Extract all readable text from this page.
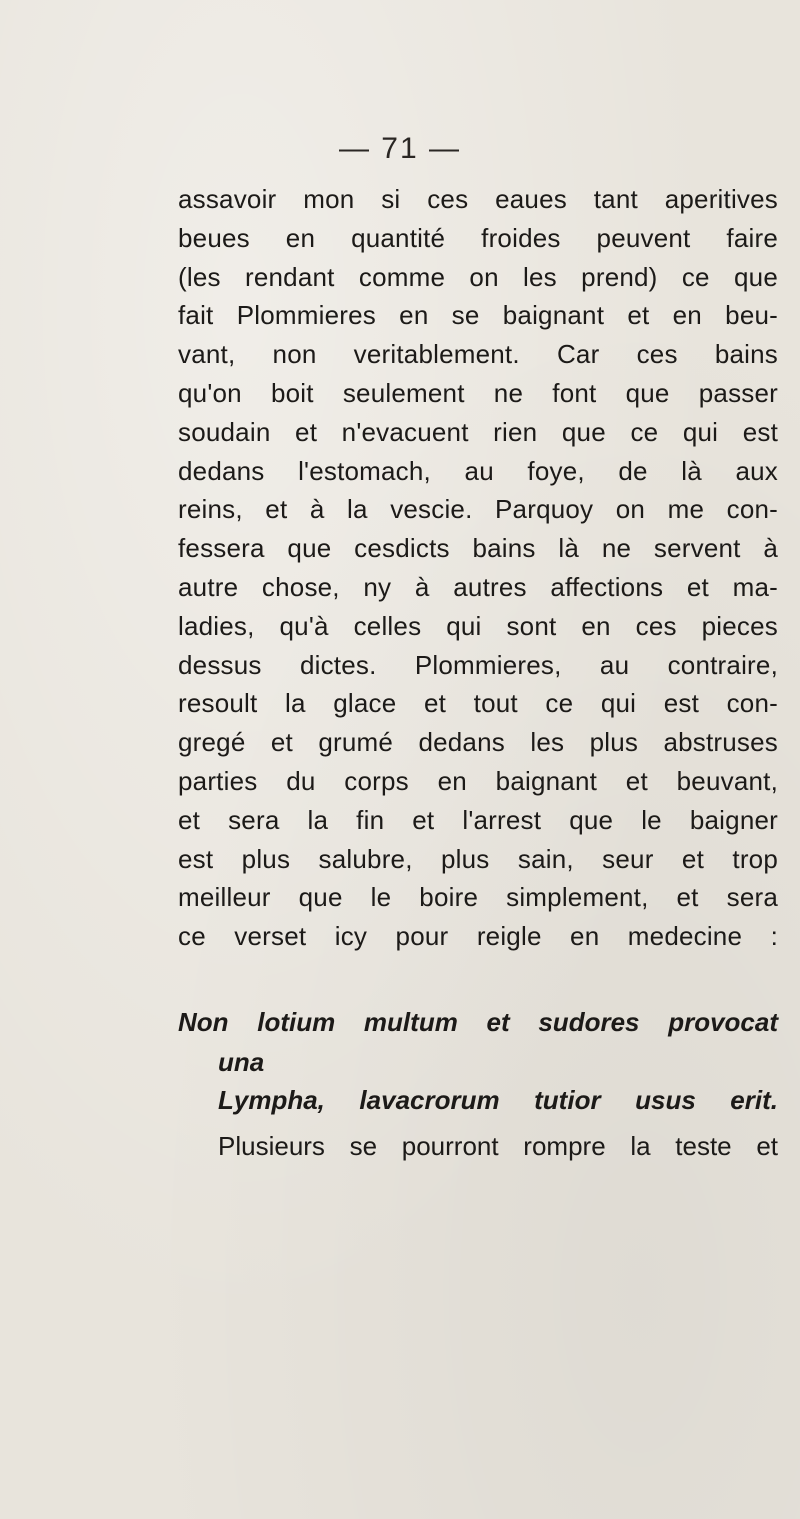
— 71 —
assavoir mon si ces eaues tant aperitives
beues en quantité froides peuvent faire
(les rendant comme on les prend) ce que
fait Plommieres en se baignant et en beu-
vant, non veritablement. Car ces bains
qu'on boit seulement ne font que passer
soudain et n'evacuent rien que ce qui est
dedans l'estomach, au foye, de là aux
reins, et à la vescie. Parquoy on me con-
fessera que cesdicts bains là ne servent à
autre chose, ny à autres affections et ma-
ladies, qu'à celles qui sont en ces pieces
dessus dictes. Plommieres, au contraire,
resoult la glace et tout ce qui est con-
gregé et grumé dedans les plus abstruses
parties du corps en baignant et beuvant,
et sera la fin et l'arrest que le baigner
est plus salubre, plus sain, seur et trop
meilleur que le boire simplement, et sera
ce verset icy pour reigle en medecine :
Non lotium multum et sudores provocat
una
Lympha, lavacrorum tutior usus erit.
Plusieurs se pourront rompre la teste et
